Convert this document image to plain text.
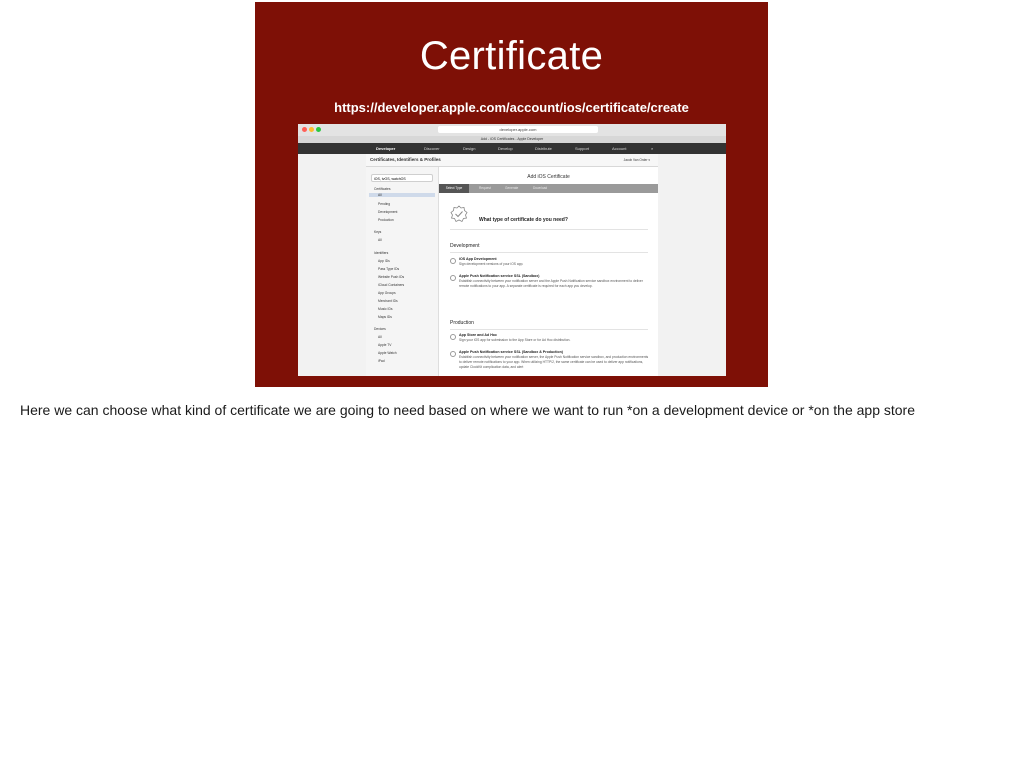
Certificate
https://developer.apple.com/account/ios/certificate/create
developer.apple.com
Add - iOS Certificates - Apple Developer
Developer	Discover	Design	Develop	Distribute	Support	Account	⌕
Certificates, Identifiers & Profiles	Jacob Van Order ▾
iOS, tvOS, watchOS
Certificates
All
Pending
Development
Production
Keys
All
Identifiers
App IDs
Pass Type IDs
Website Push IDs
iCloud Containers
App Groups
Merchant IDs
Music IDs
Maps IDs
Devices
All
Apple TV
Apple Watch
iPad
Add iOS Certificate
Select Type	Request	Generate	Download
What type of certificate do you need?
Development
iOS App Development
Sign development versions of your iOS app.
Apple Push Notification service SSL (Sandbox)
Establish connectivity between your notification server and the Apple Push Notification service sandbox environment to deliver remote notifications to your app. A separate certificate is required for each app you develop.
Production
App Store and Ad Hoc
Sign your iOS app for submission to the App Store or for Ad Hoc distribution.
Apple Push Notification service SSL (Sandbox & Production)
Establish connectivity between your notification server, the Apple Push Notification service sandbox, and production environments to deliver remote notifications to your app. When utilizing HTTP/2, the same certificate can be used to deliver app notifications, update ClockKit complication data, and alert
Here we can choose what kind of certificate we are going to need based on where we want to run *on a development device or *on the app store
